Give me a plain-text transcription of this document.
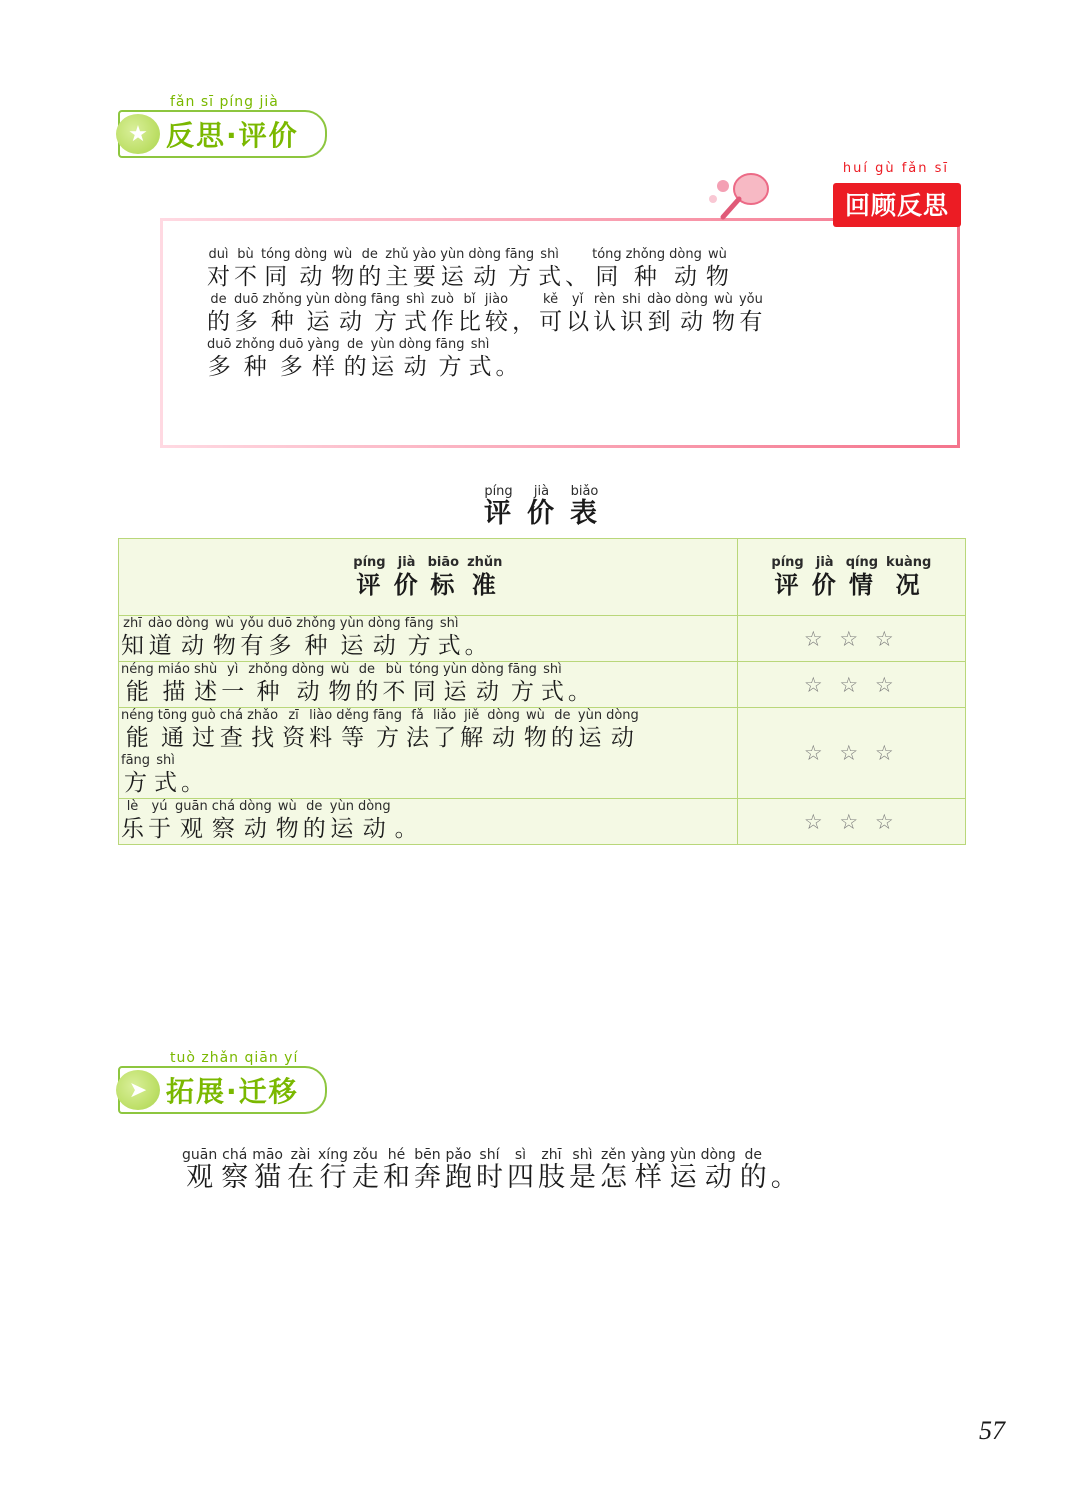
★
fǎn sī píng jià
反思·评价
huí gù fǎn sī
回顾反思
duì
对
bù
不
tóng
同
dòng
动
wù
物
de
的
zhǔ
主
yào
要
yùn
运
dòng
动
fāng
方
shì
式
、
tóng
同
zhǒng
种
dòng
动
wù
物
de
的
duō
多
zhǒng
种
yùn
运
dòng
动
fāng
方
shì
式
zuò
作
bǐ
比
jiào
较
，
kě
可
yǐ
以
rèn
认
shi
识
dào
到
dòng
动
wù
物
yǒu
有
duō
多
zhǒng
种
duō
多
yàng
样
de
的
yùn
运
dòng
动
fāng
方
shì
式
。
píng
评
jià
价
biǎo
表
píng
评
jià
价
biāo
标
zhǔn
准

píng
评
jià
价
qíng
情
kuàng
况

zhī
知
dào
道
dòng
动
wù
物
yǒu
有
duō
多
zhǒng
种
yùn
运
dòng
动
fāng
方
shì
式
。	☆ ☆ ☆

néng
能
miáo
描
shù
述
yì
一
zhǒng
种
dòng
动
wù
物
de
的
bù
不
tóng
同
yùn
运
dòng
动
fāng
方
shì
式
。	☆ ☆ ☆

néng
能
tōng
通
guò
过
chá
查
zhǎo
找
zī
资
liào
料
děng
等
fāng
方
fǎ
法
liǎo
了
jiě
解
dòng
动
wù
物
de
的
yùn
运
dòng
动
fāng
方
shì
式
。
	☆ ☆ ☆

lè
乐
yú
于
guān
观
chá
察
dòng
动
wù
物
de
的
yùn
运
dòng
动
。	☆ ☆ ☆
➤
tuò zhǎn qiān yí
拓展·迁移
guān
观
chá
察
māo
猫
zài
在
xíng
行
zǒu
走
hé
和
bēn
奔
pǎo
跑
shí
时
sì
四
zhī
肢
shì
是
zěn
怎
yàng
样
yùn
运
dòng
动
de
的
。
57
